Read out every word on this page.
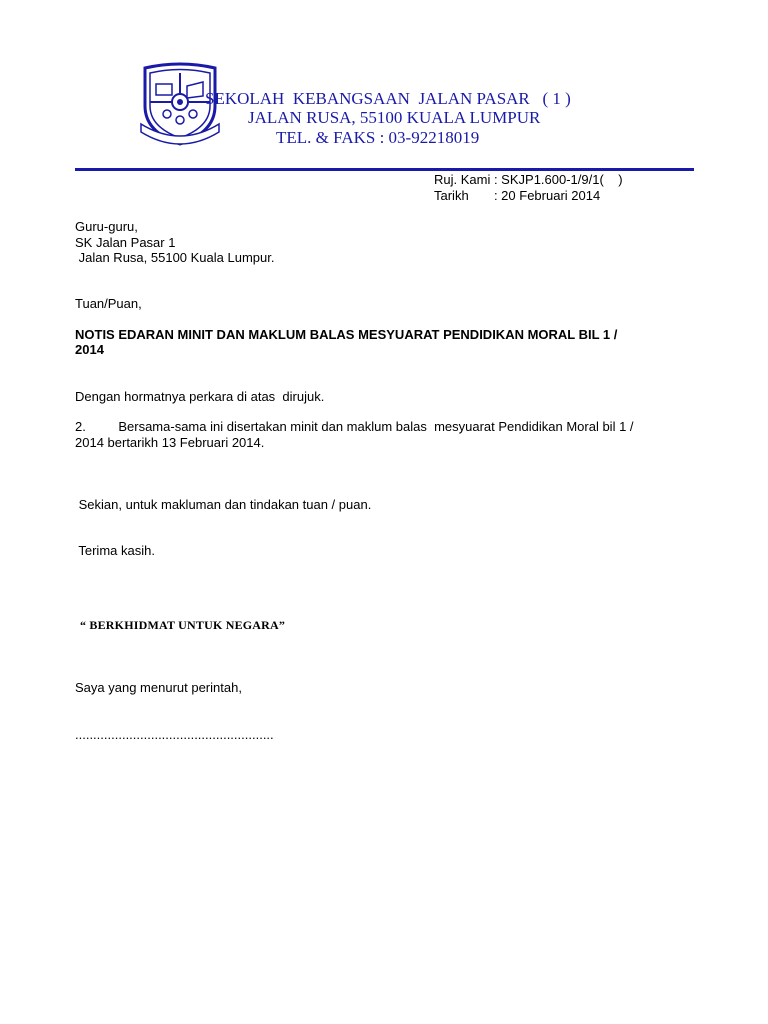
SEKOLAH  KEBANGSAAN  JALAN PASAR   ( 1 )
JALAN RUSA, 55100 KUALA LUMPUR
TEL. & FAKS : 03-92218019
Ruj. Kami : SKJP1.600-1/9/1(    )
Tarikh       : 20 Februari 2014
Guru-guru,
SK Jalan Pasar 1
Jalan Rusa, 55100 Kuala Lumpur.
Tuan/Puan,
NOTIS EDARAN MINIT DAN MAKLUM BALAS MESYUARAT PENDIDIKAN MORAL BIL 1 /
2014
Dengan hormatnya perkara di atas  dirujuk.
2.         Bersama-sama ini disertakan minit dan maklum balas  mesyuarat Pendidikan Moral bil 1 /
2014 bertarikh 13 Februari 2014.
Sekian, untuk makluman dan tindakan tuan / puan.
Terima kasih.
“ BERKHIDMAT UNTUK NEGARA”
Saya yang menurut perintah,
.......................................................
